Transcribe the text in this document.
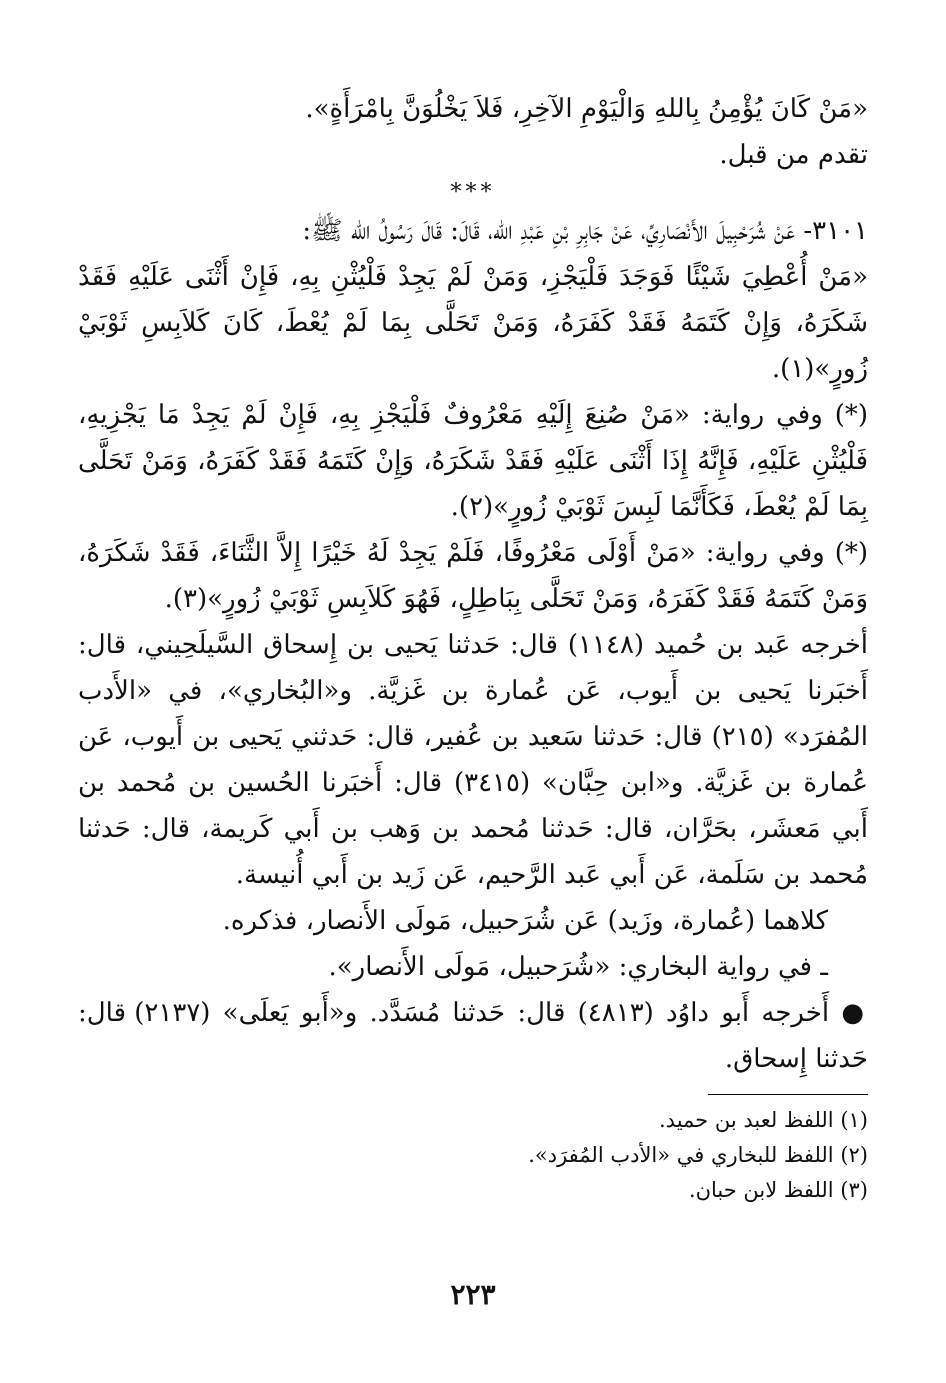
«مَنْ كَانَ يُؤْمِنُ بِاللهِ وَالْيَوْمِ الآخِرِ، فَلاَ يَخْلُوَنَّ بِامْرَأَةٍ».

تقدم من قبل.

***

٣١٠١- عَنْ شُرَحْبِيلَ الأَنْصَارِيِّ، عَنْ جَابِرِ بْنِ عَبْدِ الله، قَالَ: قَالَ رَسُولُ الله ﷺ:

«مَنْ أُعْطِيَ شَيْئًا فَوَجَدَ فَلْيَجْزِ، وَمَنْ لَمْ يَجِدْ فَلْيُثْنِ بِهِ، فَإِنْ أَثْنَى عَلَيْهِ فَقَدْ شَكَرَهُ، وَإِنْ كَتَمَهُ فَقَدْ كَفَرَهُ، وَمَنْ تَحَلَّى بِمَا لَمْ يُعْطَ، كَانَ كَلاَبِسِ ثَوْبَيْ زُورٍ»(١).

(*) وفي رواية: «مَنْ صُنِعَ إِلَيْهِ مَعْرُوفٌ فَلْيَجْزِ بِهِ، فَإِنْ لَمْ يَجِدْ مَا يَجْزِيهِ، فَلْيُثْنِ عَلَيْهِ، فَإِنَّهُ إِذَا أَثْنَى عَلَيْهِ فَقَدْ شَكَرَهُ، وَإِنْ كَتَمَهُ فَقَدْ كَفَرَهُ، وَمَنْ تَحَلَّى بِمَا لَمْ يُعْطَ، فَكَأَنَّمَا لَبِسَ ثَوْبَيْ زُورٍ»(٢).

(*) وفي رواية: «مَنْ أَوْلَى مَعْرُوفًا، فَلَمْ يَجِدْ لَهُ خَيْرًا إِلاَّ الثَّنَاءَ، فَقَدْ شَكَرَهُ، وَمَنْ كَتَمَهُ فَقَدْ كَفَرَهُ، وَمَنْ تَحَلَّى بِبَاطِلٍ، فَهُوَ كَلاَبِسِ ثَوْبَيْ زُورٍ»(٣).

أخرجه عَبد بن حُميد (١١٤٨) قال: حَدثنا يَحيى بن إِسحاق السَّيلَحِيني، قال: أَخبَرنا يَحيى بن أَيوب، عَن عُمارة بن غَزيَّة. و«البُخاري»، في «الأَدب المُفرَد» (٢١٥) قال: حَدثنا سَعيد بن عُفير، قال: حَدثني يَحيى بن أَيوب، عَن عُمارة بن غَزيَّة. و«ابن حِبَّان» (٣٤١٥) قال: أَخبَرنا الحُسين بن مُحمد بن أَبي مَعشَر، بحَرَّان، قال: حَدثنا مُحمد بن وَهب بن أَبي كَريمة، قال: حَدثنا مُحمد بن سَلَمة، عَن أَبي عَبد الرَّحيم، عَن زَيد بن أَبي أُنيسة.

كلاهما (عُمارة، وزَيد) عَن شُرَحبيل، مَولَى الأَنصار، فذكره.

ـ في رواية البخاري: «شُرَحبيل، مَولَى الأَنصار».

● أَخرجه أَبو داوُد (٤٨١٣) قال: حَدثنا مُسَدَّد. و«أَبو يَعلَى» (٢١٣٧) قال: حَدثنا إِسحاق.

(١) اللفظ لعبد بن حميد.

(٢) اللفظ للبخاري في «الأدب المُفرَد».

(٣) اللفظ لابن حبان.

٢٢٣
